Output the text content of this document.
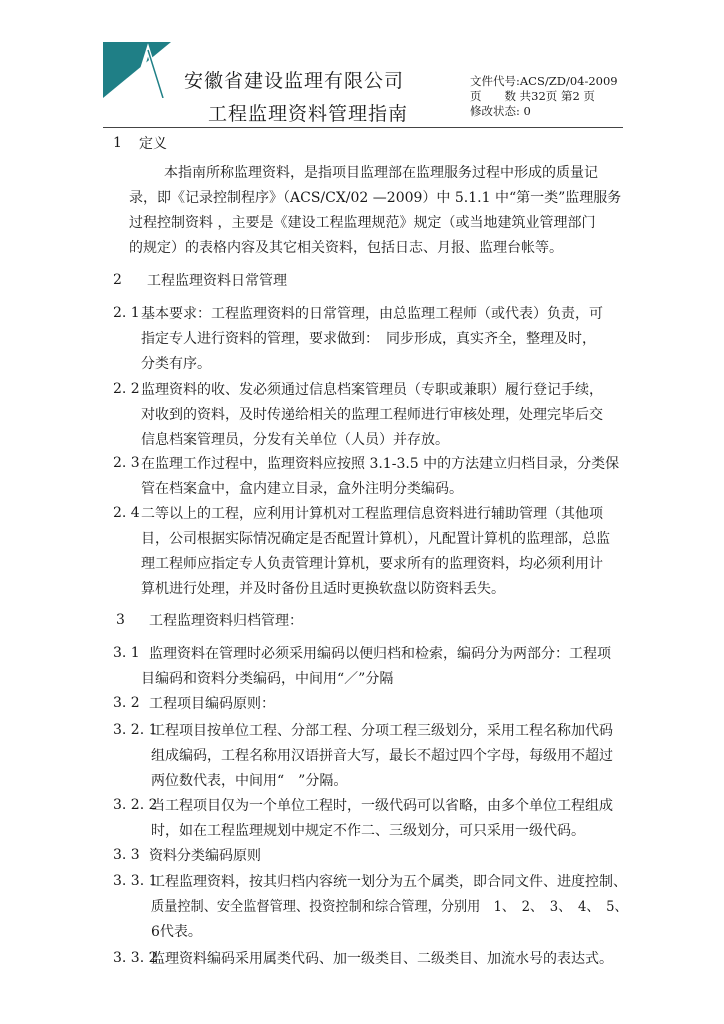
安徽省建设监理有限公司
工程监理资料管理指南
文件代号:ACS/ZD/04-2009
页　　数 共32页 第2 页
修改状态: 0
1 定义
本指南所称监理资料，是指项目监理部在监理服务过程中形成的质量记
录，即《记录控制程序》（ACS/CX/02 —2009）中 5.1.1 中“第一类”监理服务
过程控制资料 ，主要是《建设工程监理规范》规定（或当地建筑业管理部门
的规定）的表格内容及其它相关资料，包括日志、月报、监理台帐等。
2 工程监理资料日常管理
2. 1 基本要求：工程监理资料的日常管理，由总监理工程师（或代表）负责，可
指定专人进行资料的管理，要求做到：　同步形成，真实齐全，整理及时，
分类有序。
2. 2 监理资料的收、发必须通过信息档案管理员（专职或兼职）履行登记手续，
对收到的资料，及时传递给相关的监理工程师进行审核处理，处理完毕后交
信息档案管理员，分发有关单位（人员）并存放。
2. 3 在监理工作过程中，监理资料应按照 3.1-3.5 中的方法建立归档目录，分类保
管在档案盒中，盒内建立目录，盒外注明分类编码。
2. 4 二等以上的工程，应利用计算机对工程监理信息资料进行辅助管理（其他项
目，公司根据实际情况确定是否配置计算机），凡配置计算机的监理部，总监
理工程师应指定专人负责管理计算机，要求所有的监理资料，均必须利用计
算机进行处理，并及时备份且适时更换软盘以防资料丢失。
3 工程监理资料归档管理：
3. 1 监理资料在管理时必须采用编码以便归档和检索，编码分为两部分：工程项
目编码和资料分类编码，中间用“／”分隔
3. 2 工程项目编码原则：
3. 2. 1
工程项目按单位工程、分部工程、分项工程三级划分，采用工程名称加代码
组成编码，工程名称用汉语拼音大写，最长不超过四个字母，每级用不超过
两位数代表，中间用“　”分隔。
3. 2. 2
当工程项目仅为一个单位工程时，一级代码可以省略，由多个单位工程组成
时，如在工程监理规划中规定不作二、三级划分，可只采用一级代码。
3. 3 资料分类编码原则
3. 3. 1
工程监理资料，按其归档内容统一划分为五个属类，即合同文件、进度控制、
质量控制、安全监督管理、投资控制和综合管理，分别用　1、　2、　3、　4、　5、
6代表。
3. 3. 2
监理资料编码采用属类代码、加一级类目、二级类目、加流水号的表达式。
